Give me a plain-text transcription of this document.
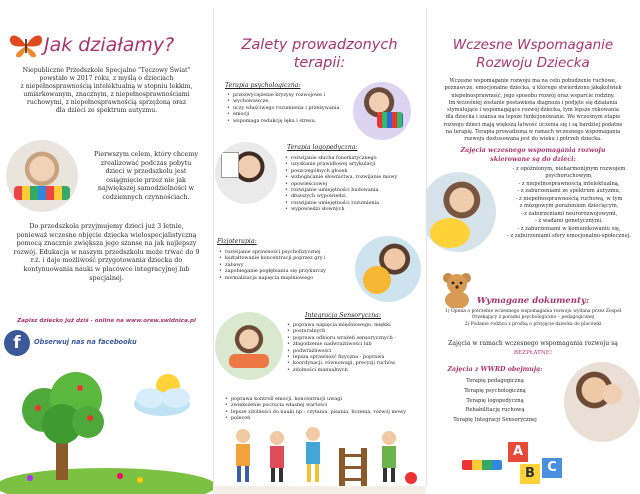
Jak działamy?
Niepubliczne Przedszkole Specjalne "Tęczowy Świat"
powstało w 2017 roku, z myślą o dzieciach
z niepełnosprawnością intelektualną w stopniu lekkim,
umiarkowanym, znacznym, z niepełnosprawnościami
ruchowymi, z niepełnosprawnością sprzężoną oraz
dla dzieci ze spektrum autyzmu.
Pierwszym celem, który chcemy
zrealizować podczas pobytu
dzieci w przedszkolu jest
osiągnięcie przez nie jak
największej samodzielności w
codziennych czynnościach.
Do przedszkola przyjmujemy dzieci już 3 letnie,
ponieważ wczesne objęcie dziecka wielospecjalistyczną
pomocą znacznie zwiększa jego szanse na jak najlepszy
rozwój. Edukacja w naszym przedszkolu może trwać do 9
r.ż. i daje możliwość przygotowania dziecka do
kontynuowania nauki w placówce integracyjnej lub
specjalnej.
Zapisz dziecko już dziś - online na www.orew.swidnica.pl
f	Obserwuj nas na facebooku
Zalety prowadzonych
terapii:
Terapia psychologiczna:
• przezwyciężenie kryzysy rozwojowe i
• wychowawcze,
• uczy właściwego rozumienia i przeżywania
• emocji
• wspomaga redukcję lęku i stresu,
Terapia logopedyczna:
• rozwijanie słuchu fonematycznego
• uzyskanie prawidłowej artykulacji
• poszczególnych głosek
• wzbogacanie słownictwa, rozwijanie mowy
• opowieściowej
• rozwijanie umiejętności budowania
• dłuższych wypowiedzi
• rozwijanie umiejętności rozumienia
• wypowiedzi słownych
Fizjoterapia:
• rozwijanie sprawności psychofizycznej
• kształtowanie koncentracji poprzez gry i
• zabawy
• zapobieganie pogłębianiu się przykurczy
• normalizacja napięcia mięśniowego
Integracja Sensoryczna:
• poprawa napięcia mięśniowego, miękki
• posturalnych
• poprawa odbioru wrażeń sensorycznych -
• złagodzenie nadwrażliwości lub
• podwrażliwości
• lepsza sprawność fizyczna - poprawa
• koordynacji, równowagi, precyzji ruchów,
• zdolności manualnych
• poprawa kontroli emocji, koncentracji uwagi
• zwiększenie poczucia własnej wartości
• lepsze zdolności do nauki np.: czytania, pisania, liczenia, rozwój mowy
• poleceń
Wczesne Wspomaganie
Rozwoju Dziecka
Wczesne wspomaganie rozwoju ma na celu pobudzenie ruchowe,
poznawcze, emocjonalne dziecka, u którego stwierdzono jakąkolwiek
niepełnosprawność, jego sposobu rozwój oraz wsparcie rodziny.
Im wcześniej zostanie postawiona diagnoza i podjęte się działania
stymulujące i wspomagające rozwój dziecka, tym lepsze rokowania
dla dziecka i szansa na lepsze funkcjonowanie. We wczesnym etapie
rozwoju dzieci mają większą łatwość uczenia się i są bardziej podatne
na terapię. Terapia prowadzona w ramach wczesnego wspomagania
rozwoju dostosowana jest do wieku i potrzeb dziecka.
Zajęcia wczesnego wspomagania rozwoju
skierowane są do dzieci:
- z opóźnionym, nieharmonijnym rozwojem
psychoruchowym,
- z niepełnosprawnością intelektualną,
- z zaburzeniami ze spektrum autyzmu,
- z niepełnosprawnością ruchową, w tym
z mózgowym porażeniem dziecięcym,
- z zaburzeniami neurorozwojowymi,
- z wadami genetycznymi,
- z zaburzeniami w komunikowaniu się,
- z zaburzeniami sfery emocjonalno-społecznej.
Wymagane dokumenty:
1) Opinia o potrzebie wczesnego wspomagania rozwoju wydana przez Zespół
Orzekający z poradni psychologiczno – pedagogicznej
2) Podanie rodzica z prośbą o przyjęcie dziecka do placówki
Zajęcia w ramach wczesnego wspomagania rozwoju są
BEZPŁATNE!
Zajęcia z WWRD obejmują:
Terapię pedagogiczną
Terapię psychologiczną
Terapię logopedyczną
Rehabilitację ruchową
Terapię Integracji Sensorycznej
A
B C
